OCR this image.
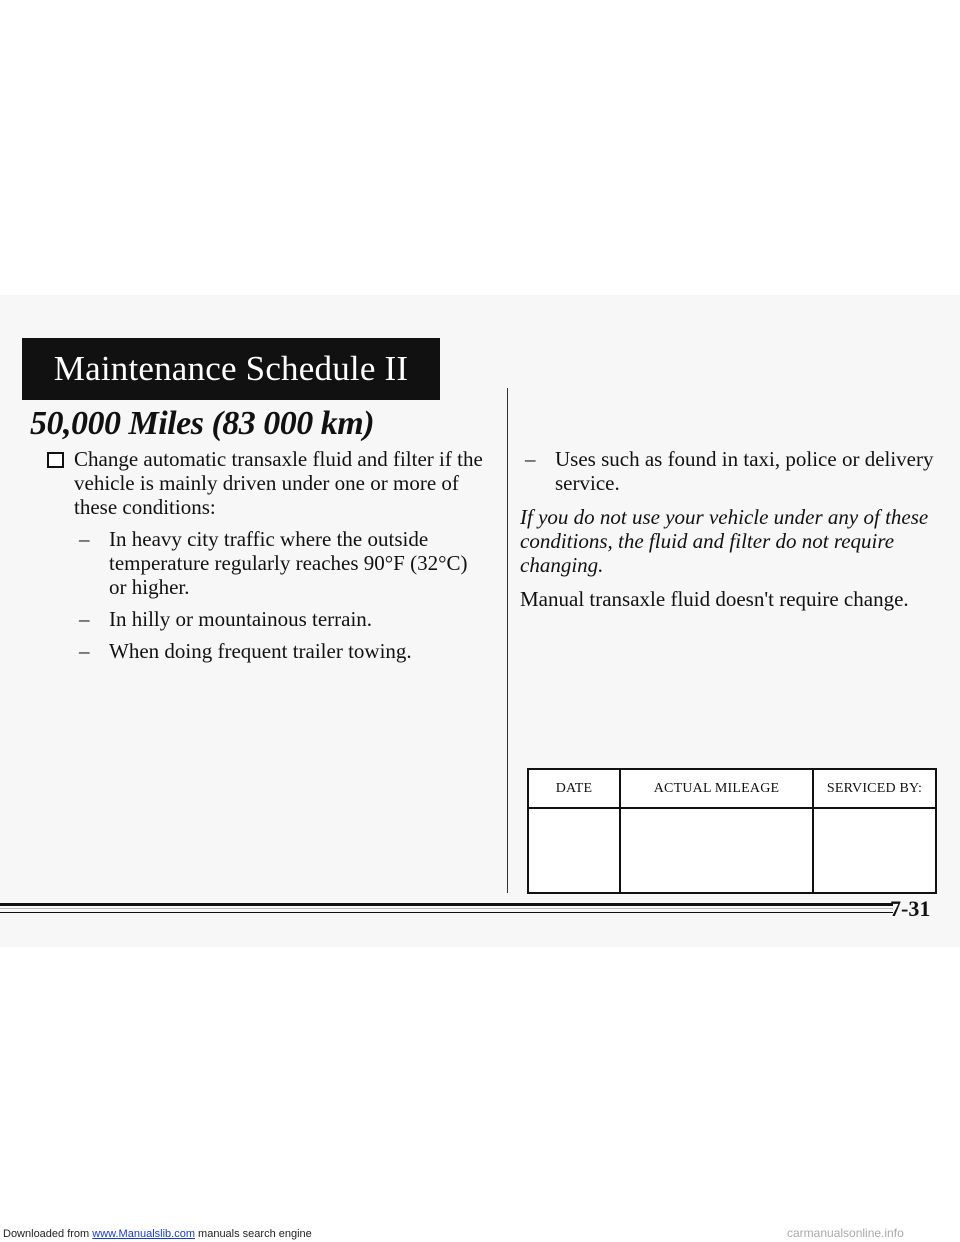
Maintenance Schedule II
50,000 Miles (83 000 km)
Change automatic transaxle fluid and filter if the vehicle is mainly driven under one or more of these conditions:
– In heavy city traffic where the outside temperature regularly reaches 90°F (32°C) or higher.
– In hilly or mountainous terrain.
– When doing frequent trailer towing.
– Uses such as found in taxi, police or delivery service.
If you do not use your vehicle under any of these conditions, the fluid and filter do not require changing.
Manual transaxle fluid doesn't require change.
DATE	ACTUAL MILEAGE	SERVICED BY:

7-31
Downloaded from www.Manualslib.com manuals search engine	carmanualsonline.info
